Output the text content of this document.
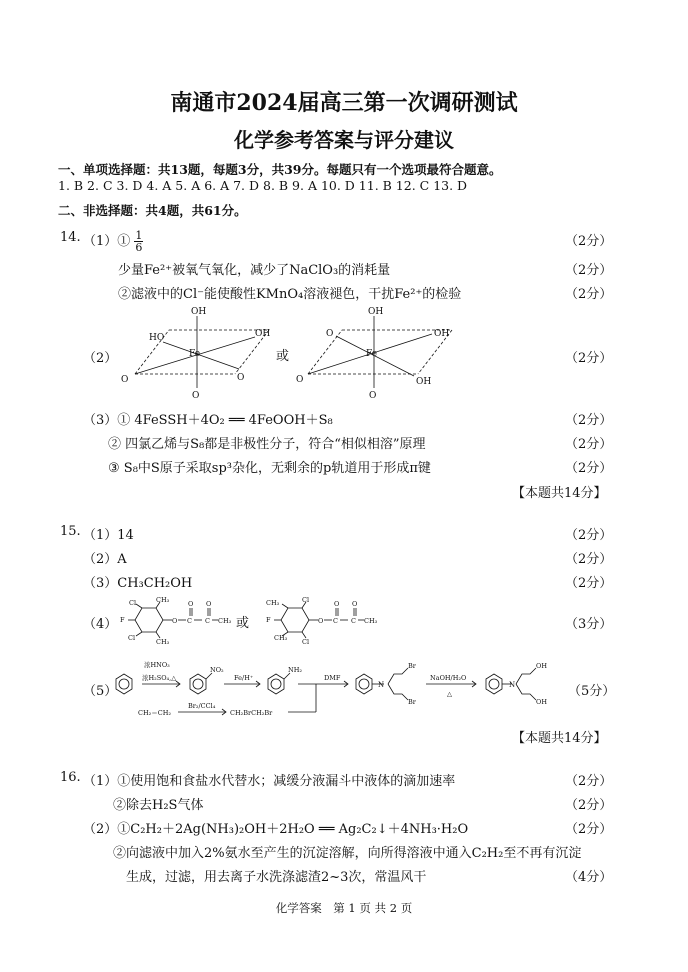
南通市2024届高三第一次调研测试
化学参考答案与评分建议
一、单项选择题：共13题，每题3分，共39分。每题只有一个选项最符合题意。
1. B 2. C 3. D 4. A 5. A 6. A 7. D 8. B 9. A 10. D 11. B 12. C 13. D
二、非选择题：共4题，共61分。
14. （1）① $\frac{1}{6}$	（2分）
少量Fe²⁺被氧气氧化，减少了NaClO₃的消耗量	（2分）
②滤液中的Cl⁻能使酸性KMnO₄溶液褪色，干扰Fe²⁺的检验	（2分）
（2）	或	（2分）
OH
HO	OH
Fe
O	O
O
OH
O	OH
Fe
O	OH
O
（3）① 4FeSSH＋4O₂ ══ 4FeOOH＋S₈	（2分）
② 四氯乙烯与S₈都是非极性分子，符合“相似相溶”原理	（2分）
③ S₈中S原子采取sp³杂化，无剩余的p轨道用于形成π键	（2分）
【本题共14分】
15. （1）14	（2分）
（2）A	（2分）
（3）CH₃CH₂OH	（2分）
（4）	或	（3分）
Cl	CH₃
F
Cl	CH₃
O C
O
C
O
CH₃
CH₃	Cl
F
CH₃ Cl
O C
O
C
O
CH₃
（5）	（5分）
浓HNO₃
浓H₂SO₄,△
NO₂
Fe/H⁺
NH₂
DMF
N
Br
Br
NaOH/H₂O
△
N
OH
OH
CH₂＝CH₂
Br₂/CCl₄
CH₂BrCH₂Br
【本题共14分】
16. （1）①使用饱和食盐水代替水；减缓分液漏斗中液体的滴加速率	（2分）
②除去H₂S气体	（2分）
（2）①C₂H₂＋2Ag(NH₃)₂OH＋2H₂O ══ Ag₂C₂↓＋4NH₃·H₂O	（2分）
②向滤液中加入2%氨水至产生的沉淀溶解，向所得溶液中通入C₂H₂至不再有沉淀
生成，过滤，用去离子水洗涤滤渣2~3次，常温风干	（4分）
化学答案　第 1 页 共 2 页
